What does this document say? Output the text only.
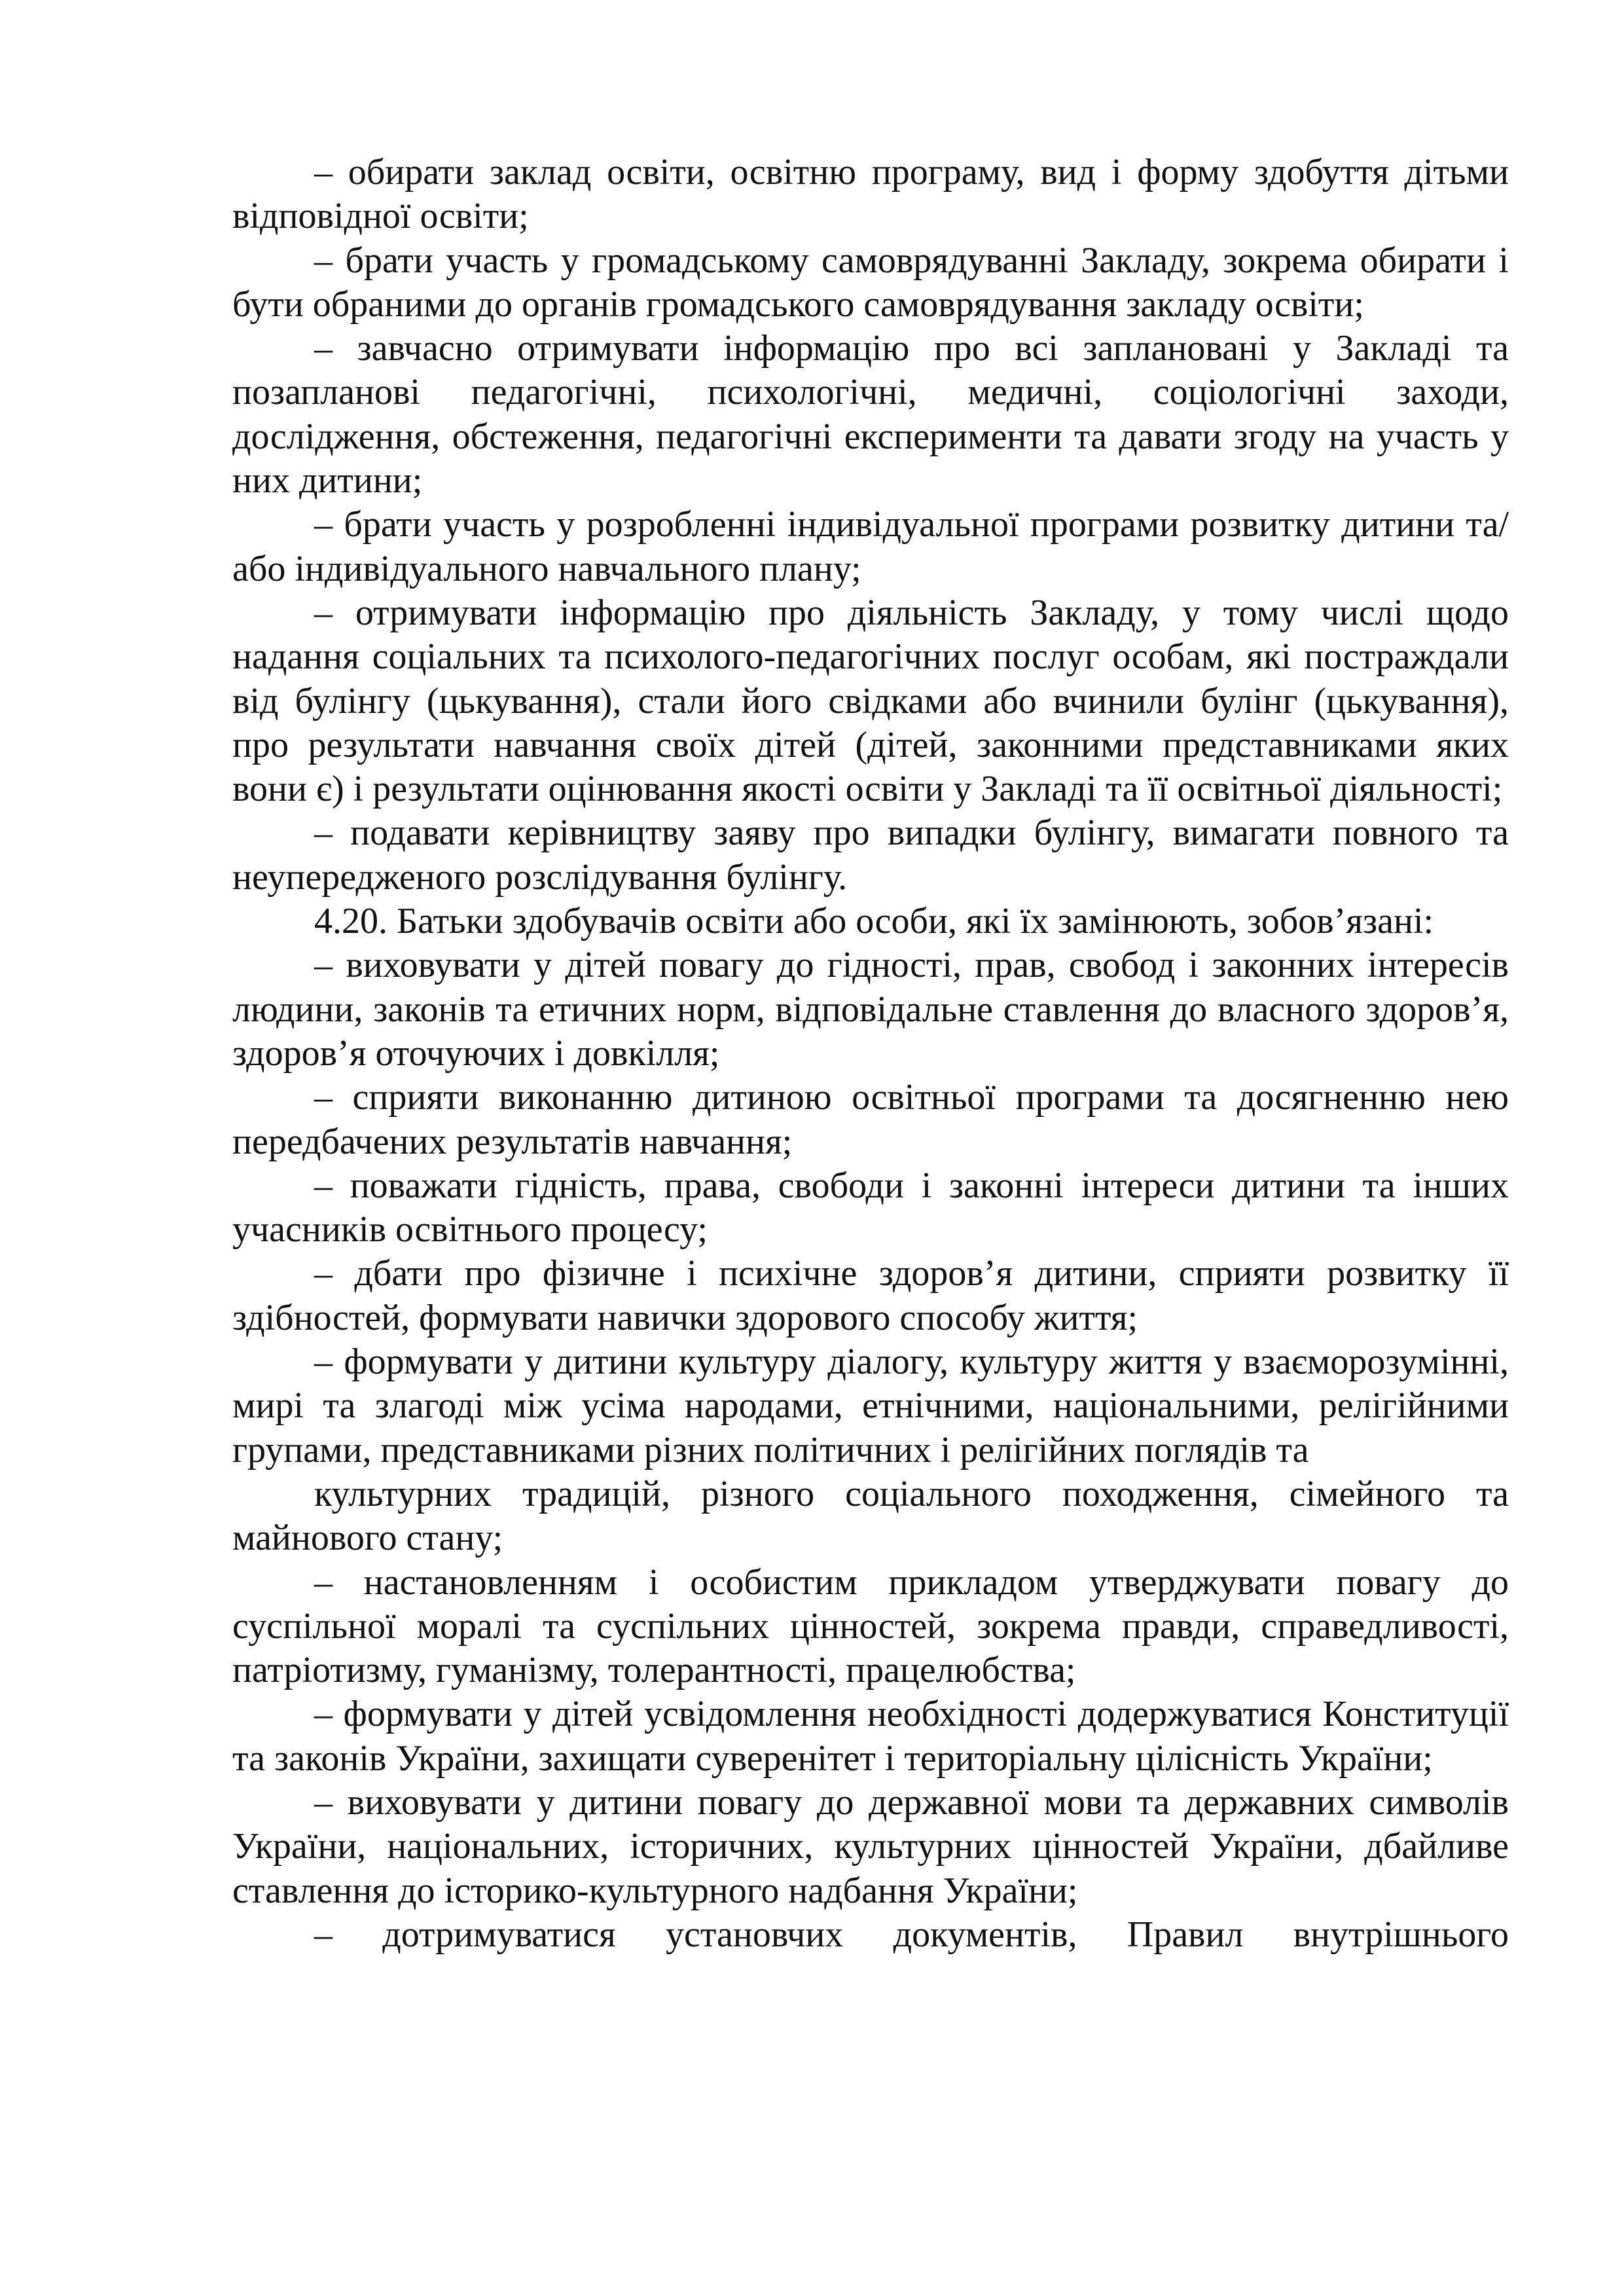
– обирати заклад освіти, освітню програму, вид і форму здобуття дітьми відповідної освіти;

– брати участь у громадському самоврядуванні Закладу, зокрема обирати і бути обраними до органів громадського самоврядування закладу освіти;

– завчасно отримувати інформацію про всі заплановані у Закладі та позапланові педагогічні, психологічні, медичні, соціологічні заходи, дослідження, обстеження, педагогічні експерименти та давати згоду на участь у них дитини;

– брати участь у розробленні індивідуальної програми розвитку дитини та/або індивідуального навчального плану;

– отримувати інформацію про діяльність Закладу, у тому числі щодо надання соціальних та психолого-педагогічних послуг особам, які постраждали від булінгу (цькування), стали його свідками або вчинили булінг (цькування), про результати навчання своїх дітей (дітей, законними представниками яких вони є) і результати оцінювання якості освіти у Закладі та її освітньої діяльності;

– подавати керівництву заяву про випадки булінгу, вимагати повного та неупередженого розслідування булінгу.

4.20. Батьки здобувачів освіти або особи, які їх замінюють, зобов’язані:

– виховувати у дітей повагу до гідності, прав, свобод і законних інтересів людини, законів та етичних норм, відповідальне ставлення до власного здоров’я, здоров’я оточуючих і довкілля;

– сприяти виконанню дитиною освітньої програми та досягненню нею передбачених результатів навчання;

– поважати гідність, права, свободи і законні інтереси дитини та інших учасників освітнього процесу;

– дбати про фізичне і психічне здоров’я дитини, сприяти розвитку її здібностей, формувати навички здорового способу життя;

– формувати у дитини культуру діалогу, культуру життя у взаєморозумінні, мирі та злагоді між усіма народами, етнічними, національними, релігійними групами, представниками різних політичних і релігійних поглядів та

культурних традицій, різного соціального походження, сімейного та майнового стану;

– настановленням і особистим прикладом утверджувати повагу до суспільної моралі та суспільних цінностей, зокрема правди, справедливості, патріотизму, гуманізму, толерантності, працелюбства;

– формувати у дітей усвідомлення необхідності додержуватися Конституції та законів України, захищати суверенітет і територіальну цілісність України;

– виховувати у дитини повагу до державної мови та державних символів України, національних, історичних, культурних цінностей України, дбайливе ставлення до історико-культурного надбання України;

– дотримуватися установчих документів, Правил внутрішнього
